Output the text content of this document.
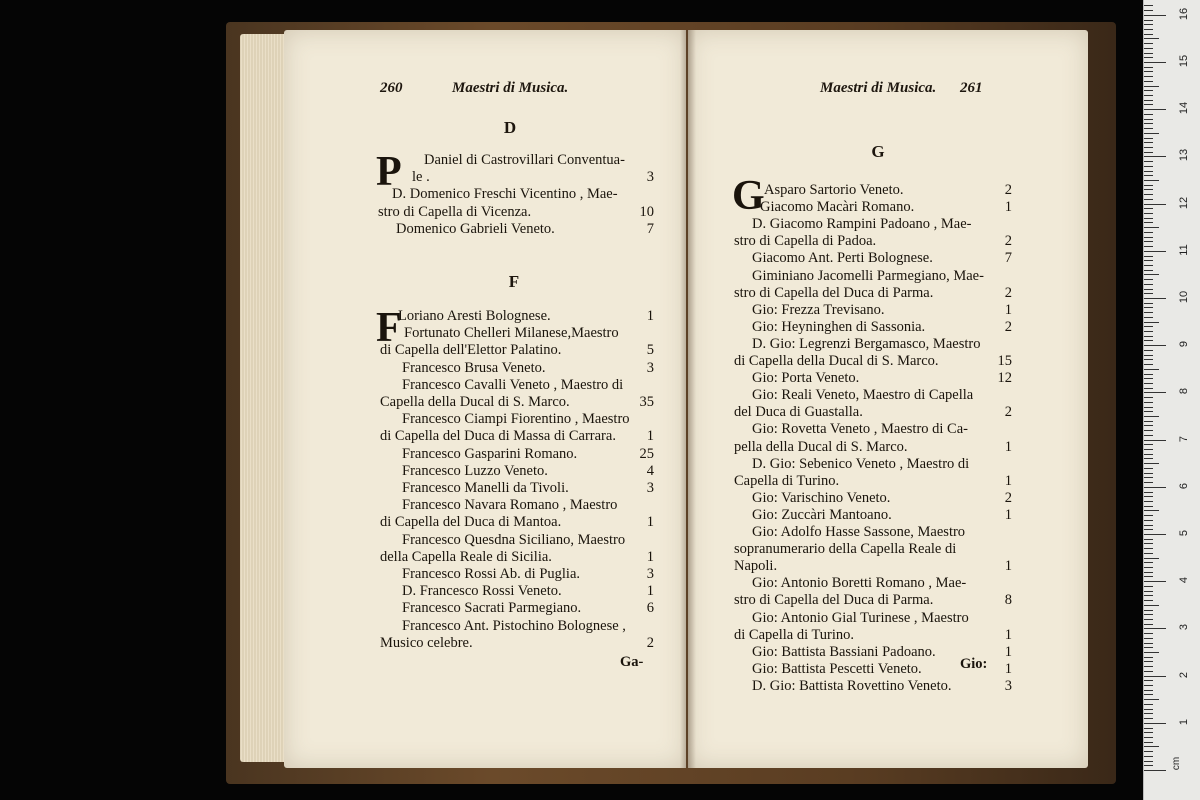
260	Maestri di Musica.
D
P Daniel di Castrovillari Conventua-
le .	3
D. Domenico Freschi Vicentino , Mae-
stro di Capella di Vicenza.	10
Domenico Gabrieli Veneto.	7
F
F
Loriano Aresti Bolognese.	1
Fortunato Chelleri Milanese,Maestro
di Capella dell'Elettor Palatino.	5
Francesco Brusa Veneto.	3
Francesco Cavalli Veneto , Maestro di
Capella della Ducal di S. Marco.	35
Francesco Ciampi Fiorentino , Maestro
di Capella del Duca di Massa di Carrara.	1
Francesco Gasparini Romano.	25
Francesco Luzzo Veneto.	4
Francesco Manelli da Tivoli.	3
Francesco Navara Romano , Maestro
di Capella del Duca di Mantoa.	1
Francesco Quesdna Siciliano, Maestro
della Capella Reale di Sicilia.	1
Francesco Rossi Ab. di Puglia.	3
D. Francesco Rossi Veneto.	1
Francesco Sacrati Parmegiano.	6
Francesco Ant. Pistochino Bolognese ,
Musico celebre.	2
Ga-
Maestri di Musica. 261
G
G Asparo Sartorio Veneto.	2
Giacomo Macàri Romano.	1
D. Giacomo Rampini Padoano , Mae-
stro di Capella di Padoa.	2
Giacomo Ant. Perti Bolognese.	7
Giminiano Jacomelli Parmegiano, Mae-
stro di Capella del Duca di Parma.	2
Gio: Frezza Trevisano.	1
Gio: Heyninghen di Sassonia.	2
D. Gio: Legrenzi Bergamasco, Maestro
di Capella della Ducal di S. Marco.	15
Gio: Porta Veneto.	12
Gio: Reali Veneto, Maestro di Capella
del Duca di Guastalla.	2
Gio: Rovetta Veneto , Maestro di Ca-
pella della Ducal di S. Marco.	1
D. Gio: Sebenico Veneto , Maestro di
Capella di Turino.	1
Gio: Varischino Veneto.	2
Gio: Zuccàri Mantoano.	1
Gio: Adolfo Hasse Sassone, Maestro
sopranumerario della Capella Reale di
Napoli.	1
Gio: Antonio Boretti Romano , Mae-
stro di Capella del Duca di Parma.	8
Gio: Antonio Gial Turinese , Maestro
di Capella di Turino.	1
Gio: Battista Bassiani Padoano.	1
Gio: Battista Pescetti Veneto.	1
D. Gio: Battista Rovettino Veneto.	3
Gio:
1
2
3
4
5
6
7
8
9
10
11
12
13
14
15
16
cm
